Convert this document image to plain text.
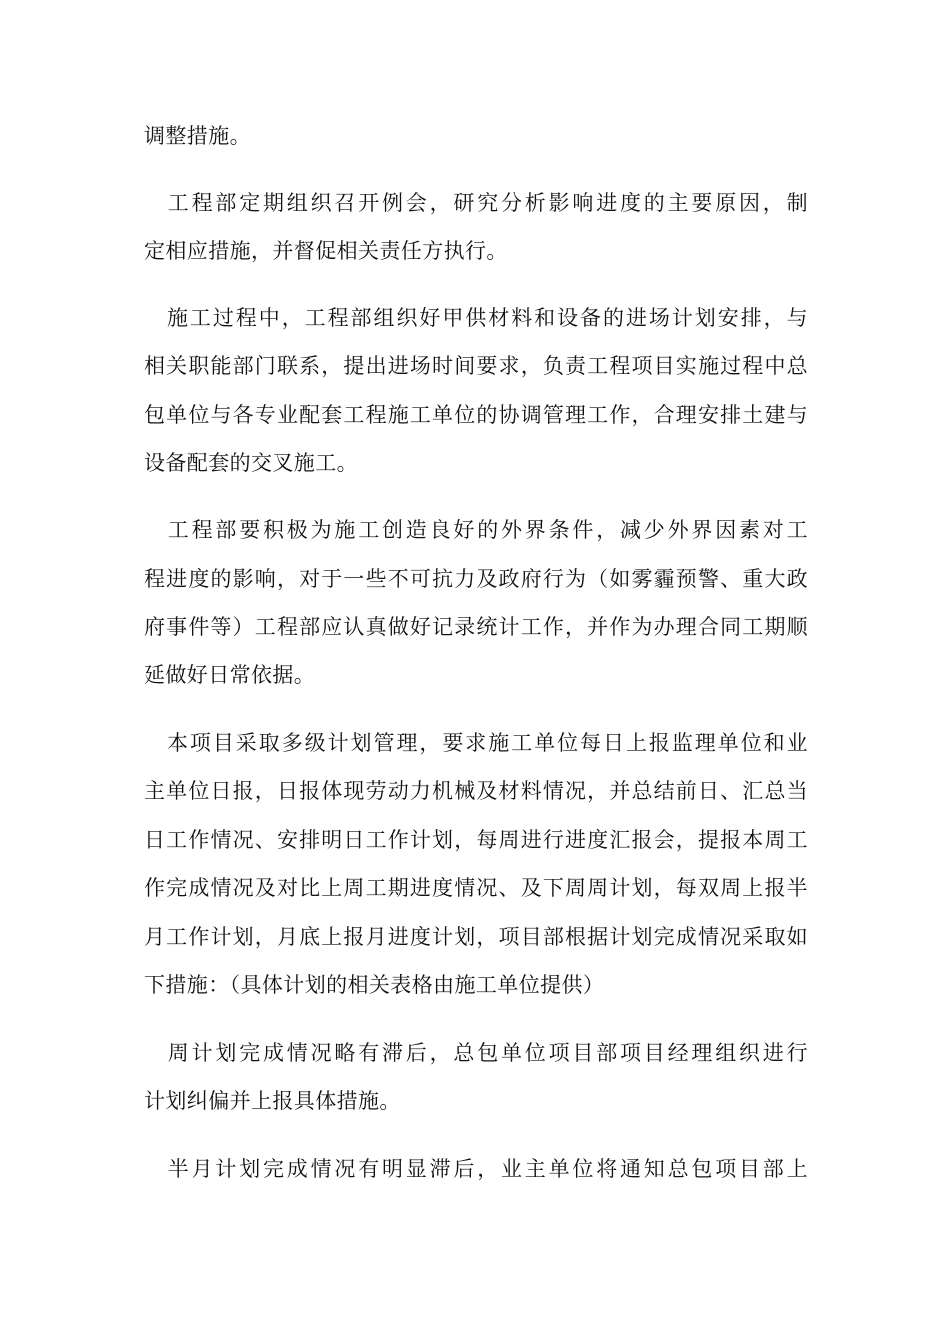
调整措施。
　工程部定期组织召开例会，研究分析影响进度的主要原因，制
定相应措施，并督促相关责任方执行。
　施工过程中，工程部组织好甲供材料和设备的进场计划安排，与
相关职能部门联系，提出进场时间要求，负责工程项目实施过程中总
包单位与各专业配套工程施工单位的协调管理工作，合理安排土建与
设备配套的交叉施工。
　工程部要积极为施工创造良好的外界条件，减少外界因素对工
程进度的影响，对于一些不可抗力及政府行为（如雾霾预警、重大政
府事件等）工程部应认真做好记录统计工作，并作为办理合同工期顺
延做好日常依据。
　本项目采取多级计划管理，要求施工单位每日上报监理单位和业
主单位日报，日报体现劳动力机械及材料情况，并总结前日、汇总当
日工作情况、安排明日工作计划，每周进行进度汇报会，提报本周工
作完成情况及对比上周工期进度情况、及下周周计划，每双周上报半
月工作计划，月底上报月进度计划，项目部根据计划完成情况采取如
下措施：（具体计划的相关表格由施工单位提供）
　周计划完成情况略有滞后，总包单位项目部项目经理组织进行
计划纠偏并上报具体措施。
　半月计划完成情况有明显滞后，业主单位将通知总包项目部上
